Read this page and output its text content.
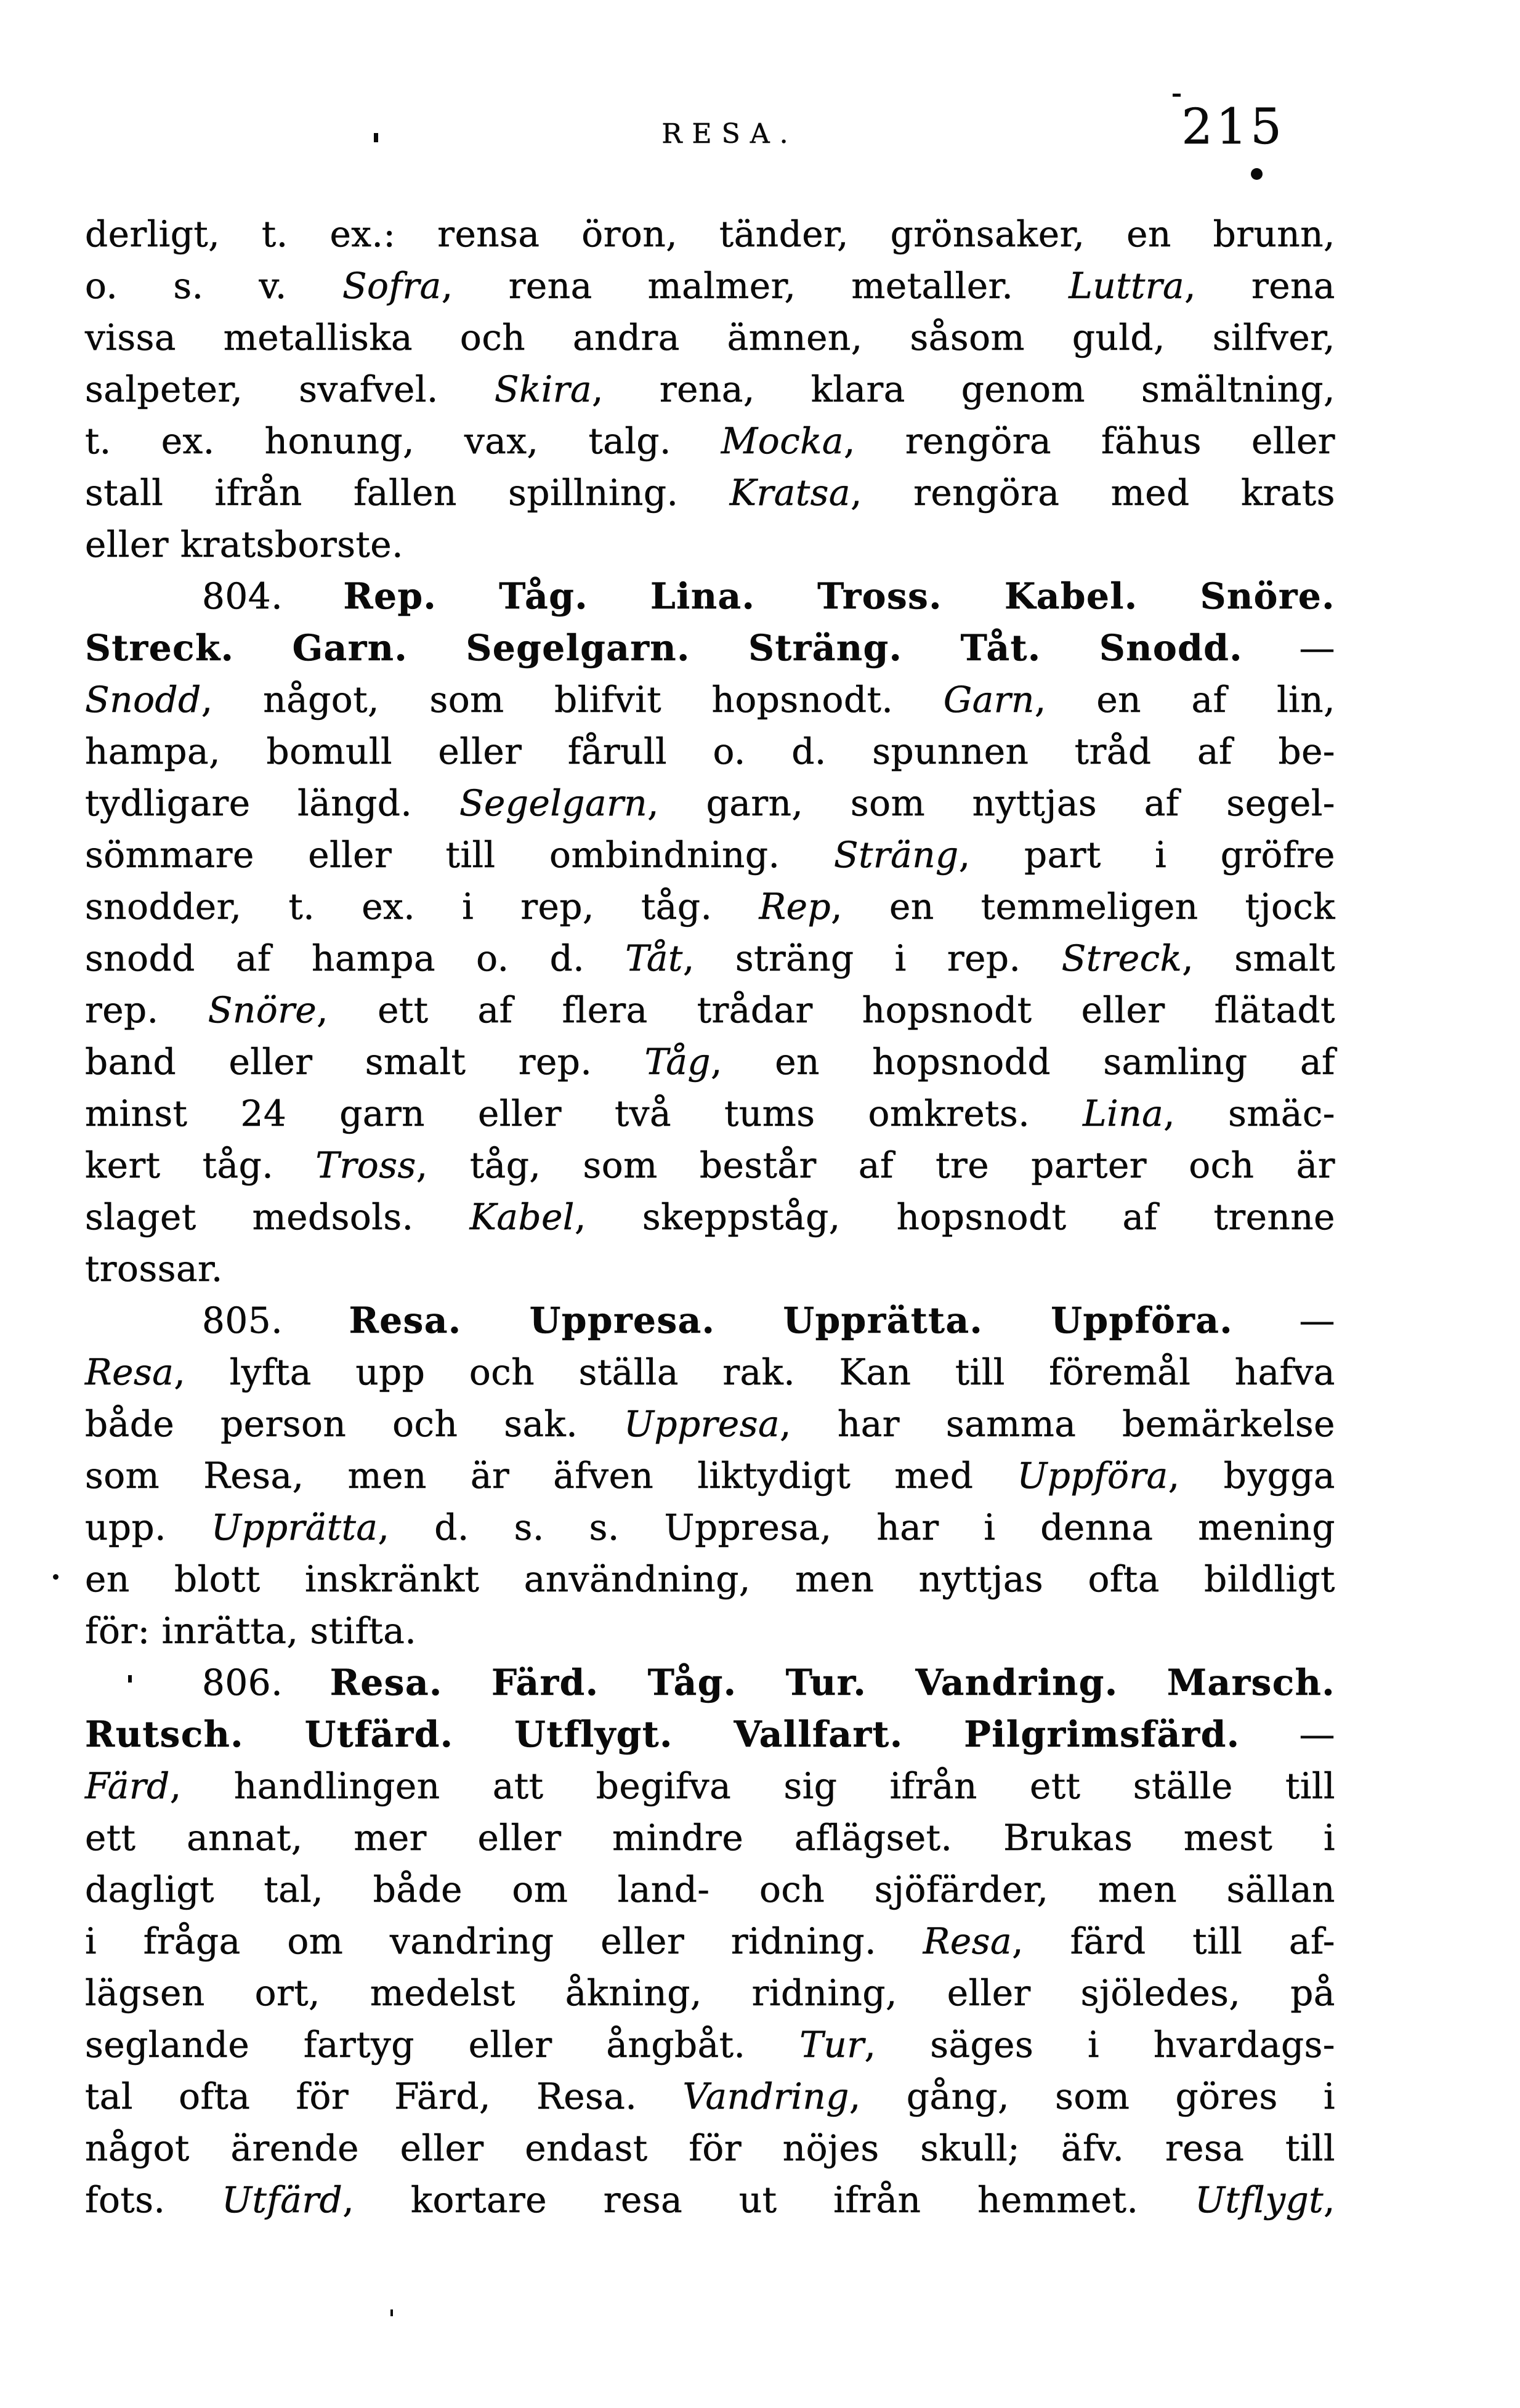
RESA.	215
derligt, t. ex.: rensa öron, tänder, grönsaker, en brunn,
o. s. v. Sofra, rena malmer, metaller. Luttra, rena
vissa metalliska och andra ämnen, såsom guld, silfver,
salpeter, svafvel. Skira, rena, klara genom smältning,
t. ex. honung, vax, talg. Mocka, rengöra fähus eller
stall ifrån fallen spillning. Kratsa, rengöra med krats
eller kratsborste.
804. Rep. Tåg. Lina. Tross. Kabel. Snöre.
Streck. Garn. Segelgarn. Sträng. Tåt. Snodd. —
Snodd, något, som blifvit hopsnodt. Garn, en af lin,
hampa, bomull eller fårull o. d. spunnen tråd af be-
tydligare längd. Segelgarn, garn, som nyttjas af segel-
sömmare eller till ombindning. Sträng, part i gröfre
snodder, t. ex. i rep, tåg. Rep, en temmeligen tjock
snodd af hampa o. d. Tåt, sträng i rep. Streck, smalt
rep. Snöre, ett af flera trådar hopsnodt eller flätadt
band eller smalt rep. Tåg, en hopsnodd samling af
minst 24 garn eller två tums omkrets. Lina, smäc-
kert tåg. Tross, tåg, som består af tre parter och är
slaget medsols. Kabel, skeppståg, hopsnodt af trenne
trossar.
805. Resa. Uppresa. Upprätta. Uppföra. —
Resa, lyfta upp och ställa rak. Kan till föremål hafva
både person och sak. Uppresa, har samma bemärkelse
som Resa, men är äfven liktydigt med Uppföra, bygga
upp. Upprätta, d. s. s. Uppresa, har i denna mening
en blott inskränkt användning, men nyttjas ofta bildligt
för: inrätta, stifta.
806. Resa. Färd. Tåg. Tur. Vandring. Marsch.
Rutsch. Utfärd. Utflygt. Vallfart. Pilgrimsfärd. —
Färd, handlingen att begifva sig ifrån ett ställe till
ett annat, mer eller mindre aflägset. Brukas mest i
dagligt tal, både om land- och sjöfärder, men sällan
i fråga om vandring eller ridning. Resa, färd till af-
lägsen ort, medelst åkning, ridning, eller sjöledes, på
seglande fartyg eller ångbåt. Tur, säges i hvardags-
tal ofta för Färd, Resa. Vandring, gång, som göres i
något ärende eller endast för nöjes skull; äfv. resa till
fots. Utfärd, kortare resa ut ifrån hemmet. Utflygt,
